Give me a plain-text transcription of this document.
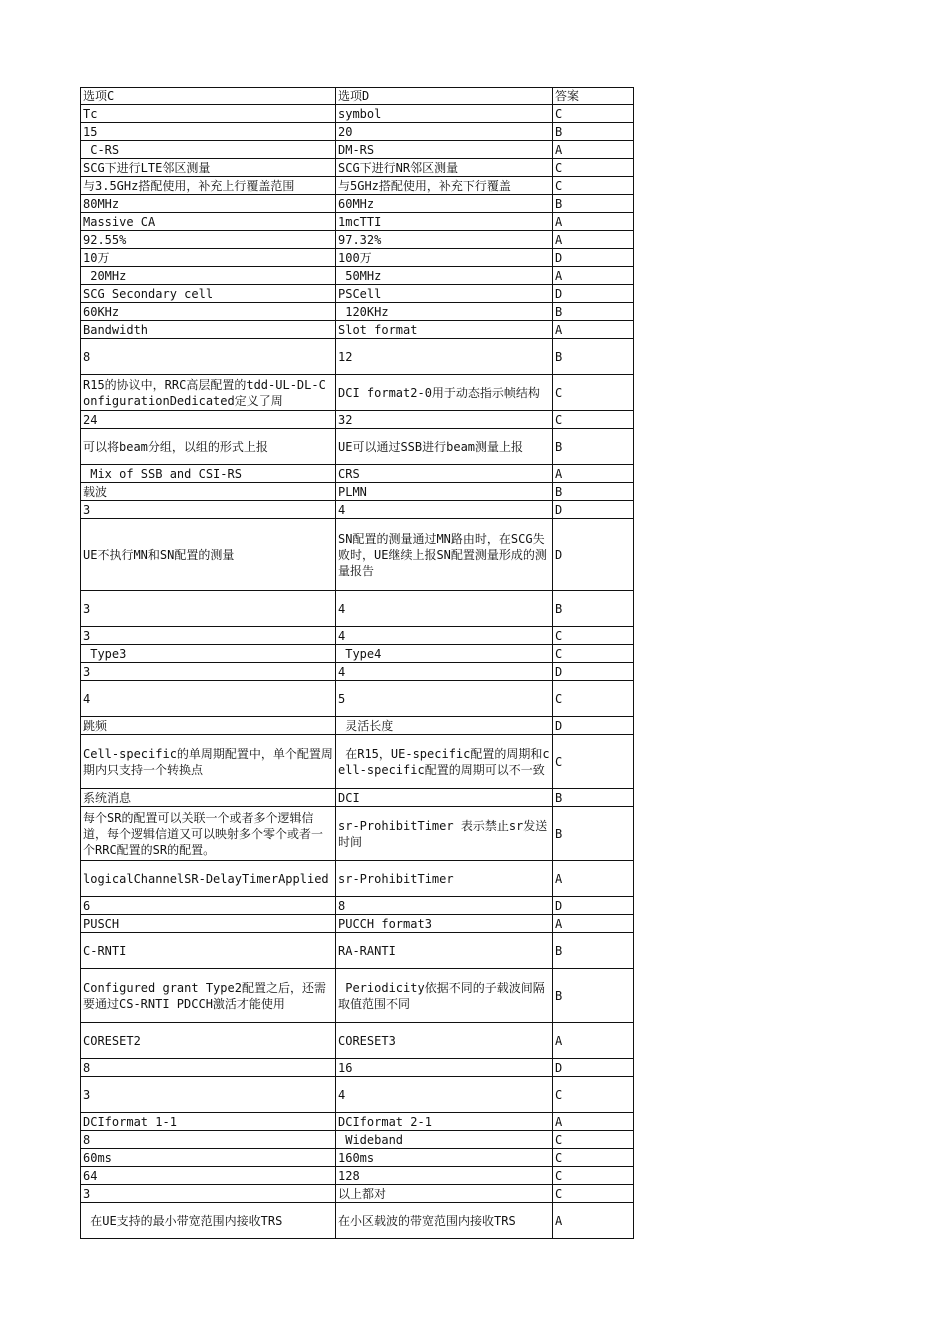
选项C	选项D	答案
Tc	symbol	C
15	20	B
C-RS	DM-RS	A
SCG下进行LTE邻区测量	SCG下进行NR邻区测量	C
与3.5GHz搭配使用，补充上行覆盖范围	与5GHz搭配使用，补充下行覆盖	C
80MHz	60MHz	B
Massive CA	1mcTTI	A
92.55%	97.32%	A
10万	100万	D
20MHz	50MHz	A
SCG Secondary cell	PSCell	D
60KHz	120KHz	B
Bandwidth	Slot format	A
8	12	B
R15的协议中，RRC高层配置的tdd-UL-DL-ConfigurationDedicated定义了周	DCI format2-0用于动态指示帧结构	C
24	32	C
可以将beam分组，以组的形式上报	UE可以通过SSB进行beam测量上报	B
Mix of SSB and CSI-RS	CRS	A
载波	PLMN	B
3	4	D
UE不执行MN和SN配置的测量	SN配置的测量通过MN路由时，在SCG失败时，UE继续上报SN配置测量形成的测量报告	D
3	4	B
3	4	C
Type3	Type4	C
3	4	D
4	5	C
跳频	灵活长度	D
Cell-specific的单周期配置中，单个配置周期内只支持一个转换点	在R15，UE-specific配置的周期和cell-specific配置的周期可以不一致	C
系统消息	DCI	B
每个SR的配置可以关联一个或者多个逻辑信道，每个逻辑信道又可以映射多个零个或者一个RRC配置的SR的配置。	sr-ProhibitTimer 表示禁止sr发送时间	B
logicalChannelSR-DelayTimerApplied	sr-ProhibitTimer	A
6	8	D
PUSCH	PUCCH format3	A
C-RNTI	RA-RANTI	B
Configured grant Type2配置之后，还需要通过CS-RNTI PDCCH激活才能使用	Periodicity依据不同的子载波间隔取值范围不同	B
CORESET2	CORESET3	A
8	16	D
3	4	C
DCIformat 1-1	DCIformat 2-1	A
8	Wideband	C
60ms	160ms	C
64	128	C
3	以上都对	C
在UE支持的最小带宽范围内接收TRS	在小区载波的带宽范围内接收TRS	A
